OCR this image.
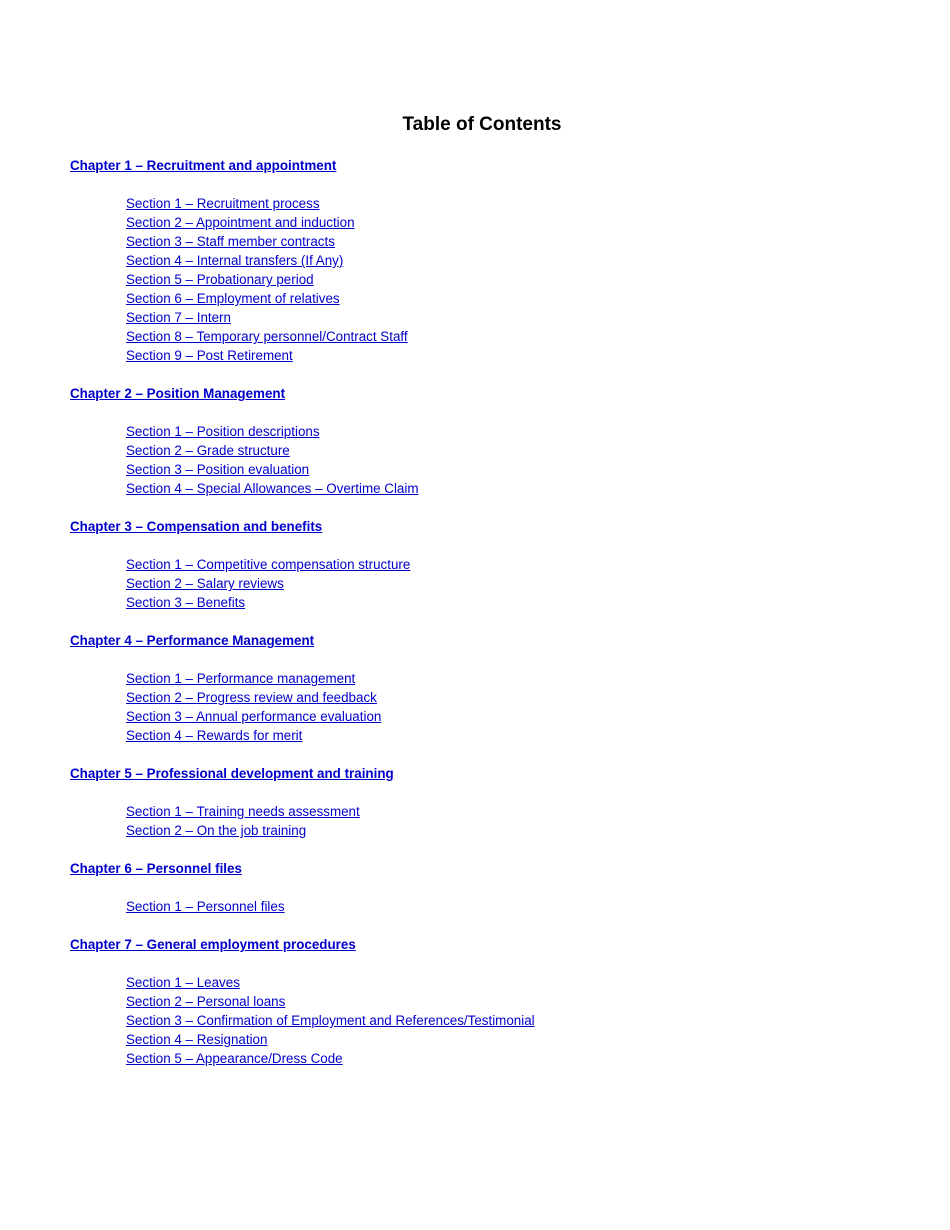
Table of Contents
Chapter 1 – Recruitment and appointment
Section 1 – Recruitment process
Section 2 – Appointment and induction
Section 3 – Staff member contracts
Section 4 – Internal transfers (If Any)
Section 5 – Probationary period
Section 6 – Employment of relatives
Section 7 – Intern
Section 8 – Temporary personnel/Contract Staff
Section 9 – Post Retirement
Chapter 2 – Position Management
Section 1 – Position descriptions
Section 2 – Grade structure
Section 3 – Position evaluation
Section 4 – Special Allowances – Overtime Claim
Chapter 3 – Compensation and benefits
Section 1 – Competitive compensation structure
Section 2 – Salary reviews
Section 3 – Benefits
Chapter 4 – Performance Management
Section 1 – Performance management
Section 2 – Progress review and feedback
Section 3 – Annual performance evaluation
Section 4 – Rewards for merit
Chapter 5 – Professional development and training
Section 1 – Training needs assessment
Section 2 – On the job training
Chapter 6 – Personnel files
Section 1 – Personnel files
Chapter 7 – General employment procedures
Section 1 – Leaves
Section 2 – Personal loans
Section 3 – Confirmation of Employment and References/Testimonial
Section 4 – Resignation
Section 5 – Appearance/Dress Code
